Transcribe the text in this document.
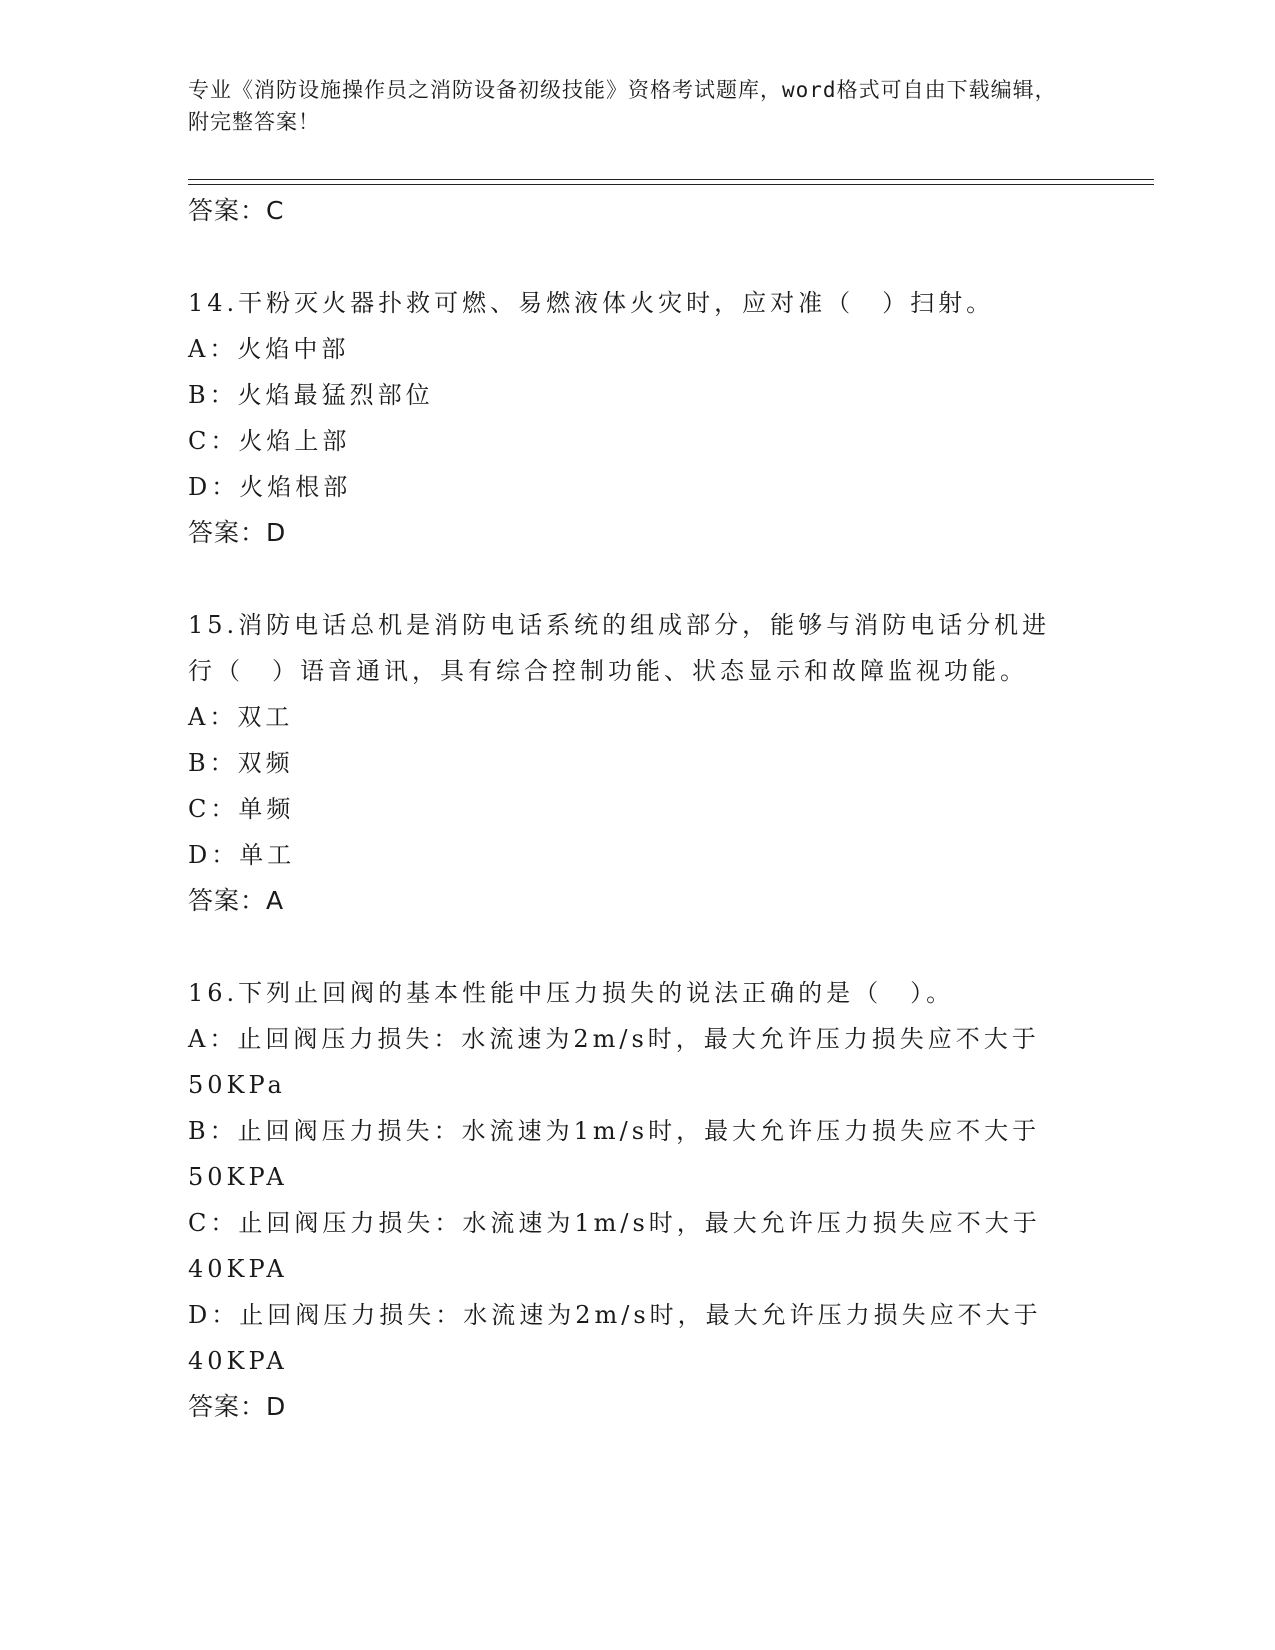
专业《消防设施操作员之消防设备初级技能》资格考试题库，word格式可自由下载编辑，附完整答案！
答案：C
14.干粉灭火器扑救可燃、易燃液体火灾时，应对准（　）扫射。
A：火焰中部
B：火焰最猛烈部位
C：火焰上部
D：火焰根部
答案：D
15.消防电话总机是消防电话系统的组成部分，能够与消防电话分机进
行（　）语音通讯，具有综合控制功能、状态显示和故障监视功能。
A：双工
B：双频
C：单频
D：单工
答案：A
16.下列止回阀的基本性能中压力损失的说法正确的是（　）。
A：止回阀压力损失：水流速为2m/s时，最大允许压力损失应不大于
50KPa
B：止回阀压力损失：水流速为1m/s时，最大允许压力损失应不大于
50KPA
C：止回阀压力损失：水流速为1m/s时，最大允许压力损失应不大于
40KPA
D：止回阀压力损失：水流速为2m/s时，最大允许压力损失应不大于
40KPA
答案：D
